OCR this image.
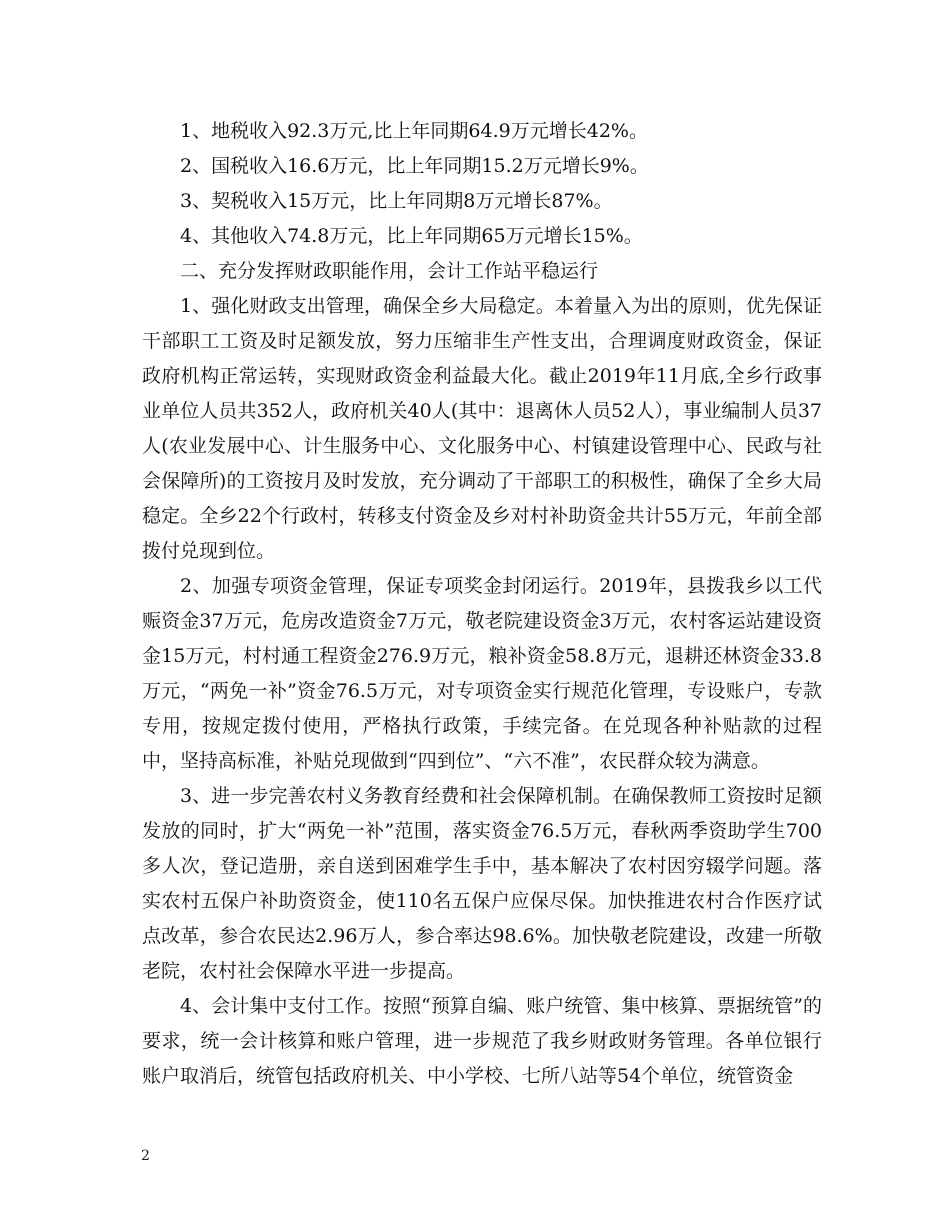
1、地税收入92.3万元,比上年同期64.9万元增长42%。

2、国税收入16.6万元，比上年同期15.2万元增长9%。

3、契税收入15万元，比上年同期8万元增长87%。

4、其他收入74.8万元，比上年同期65万元增长15%。

二、充分发挥财政职能作用，会计工作站平稳运行

1、强化财政支出管理，确保全乡大局稳定。本着量入为出的原则，优先保证干部职工工资及时足额发放，努力压缩非生产性支出，合理调度财政资金，保证政府机构正常运转，实现财政资金利益最大化。截止2019年11月底,全乡行政事业单位人员共352人，政府机关40人(其中：退离休人员52人），事业编制人员37人(农业发展中心、计生服务中心、文化服务中心、村镇建设管理中心、民政与社会保障所)的工资按月及时发放，充分调动了干部职工的积极性，确保了全乡大局稳定。全乡22个行政村，转移支付资金及乡对村补助资金共计55万元，年前全部拨付兑现到位。

2、加强专项资金管理，保证专项奖金封闭运行。2019年，县拨我乡以工代赈资金37万元，危房改造资金7万元，敬老院建设资金3万元，农村客运站建设资金15万元，村村通工程资金276.9万元，粮补资金58.8万元，退耕还林资金33.8万元，“两免一补”资金76.5万元，对专项资金实行规范化管理，专设账户，专款专用，按规定拨付使用，严格执行政策，手续完备。在兑现各种补贴款的过程中，坚持高标准，补贴兑现做到“四到位”、“六不准”，农民群众较为满意。

3、进一步完善农村义务教育经费和社会保障机制。在确保教师工资按时足额发放的同时，扩大“两免一补”范围，落实资金76.5万元，春秋两季资助学生700多人次，登记造册，亲自送到困难学生手中，基本解决了农村因穷辍学问题。落实农村五保户补助资资金，使110名五保户应保尽保。加快推进农村合作医疗试点改革，参合农民达2.96万人，参合率达98.6%。加快敬老院建设，改建一所敬老院，农村社会保障水平进一步提高。

4、会计集中支付工作。按照“预算自编、账户统管、集中核算、票据统管”的要求，统一会计核算和账户管理，进一步规范了我乡财政财务管理。各单位银行账户取消后，统管包括政府机关、中小学校、七所八站等54个单位，统管资金

2
